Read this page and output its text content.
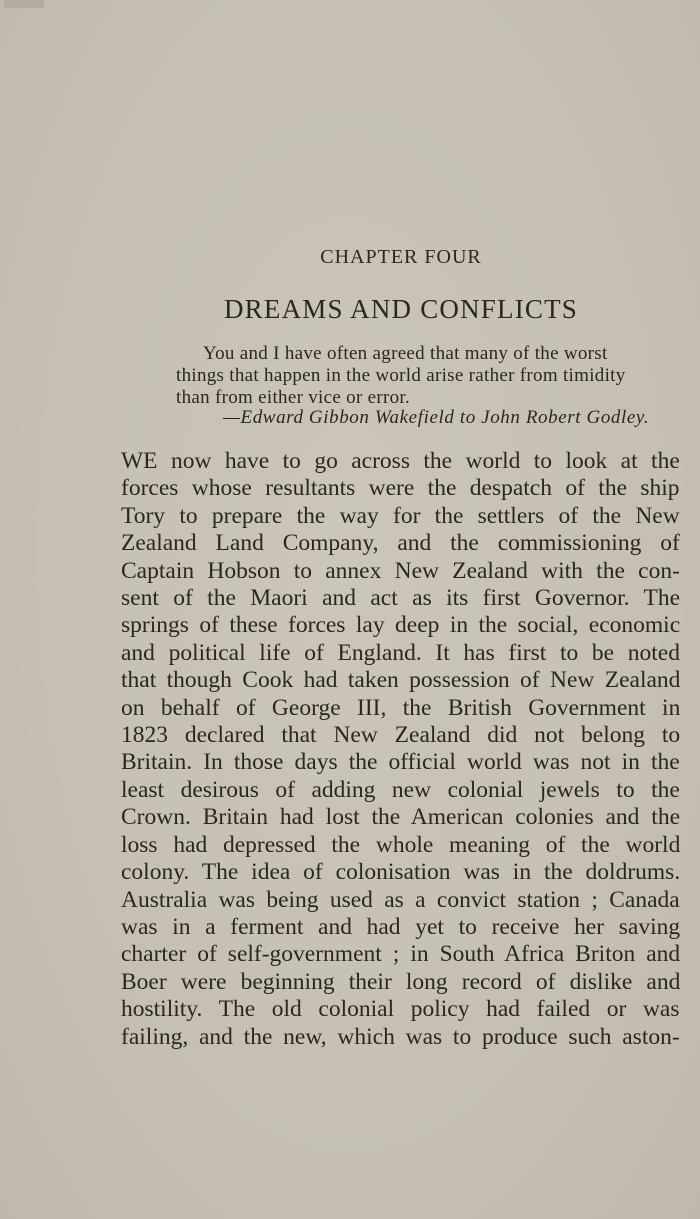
CHAPTER FOUR
DREAMS AND CONFLICTS
You and I have often agreed that many of the worst
things that happen in the world arise rather from timidity
than from either vice or error.
—Edward Gibbon Wakefield to John Robert Godley.
WE now have to go across the world to look at the
forces whose resultants were the despatch of the ship
Tory to prepare the way for the settlers of the New
Zealand Land Company, and the commissioning of
Captain Hobson to annex New Zealand with the con-
sent of the Maori and act as its first Governor. The
springs of these forces lay deep in the social, economic
and political life of England. It has first to be noted
that though Cook had taken possession of New Zealand
on behalf of George III, the British Government in
1823 declared that New Zealand did not belong to
Britain. In those days the official world was not in the
least desirous of adding new colonial jewels to the
Crown. Britain had lost the American colonies and the
loss had depressed the whole meaning of the world
colony. The idea of colonisation was in the doldrums.
Australia was being used as a convict station ; Canada
was in a ferment and had yet to receive her saving
charter of self-government ; in South Africa Briton and
Boer were beginning their long record of dislike and
hostility. The old colonial policy had failed or was
failing, and the new, which was to produce such aston-
